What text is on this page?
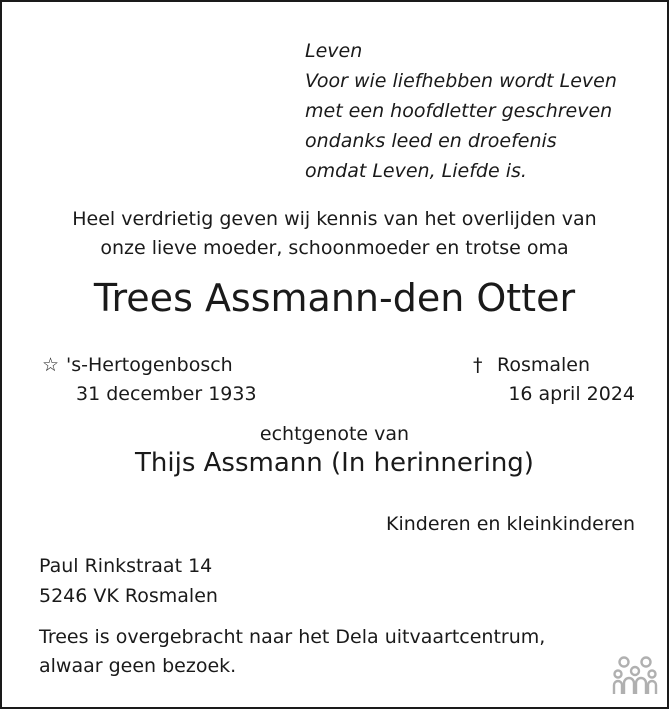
Leven
Voor wie liefhebben wordt Leven
met een hoofdletter geschreven
ondanks leed en droefenis
omdat Leven, Liefde is.
Heel verdrietig geven wij kennis van het overlijden van
onze lieve moeder, schoonmoeder en trotse oma
Trees Assmann-den Otter
☆ 's-Hertogenbosch
31 december 1933
† Rosmalen
16 april 2024
echtgenote van
Thijs Assmann (In herinnering)
Kinderen en kleinkinderen
Paul Rinkstraat 14
5246 VK Rosmalen
Trees is overgebracht naar het Dela uitvaartcentrum,
alwaar geen bezoek.
